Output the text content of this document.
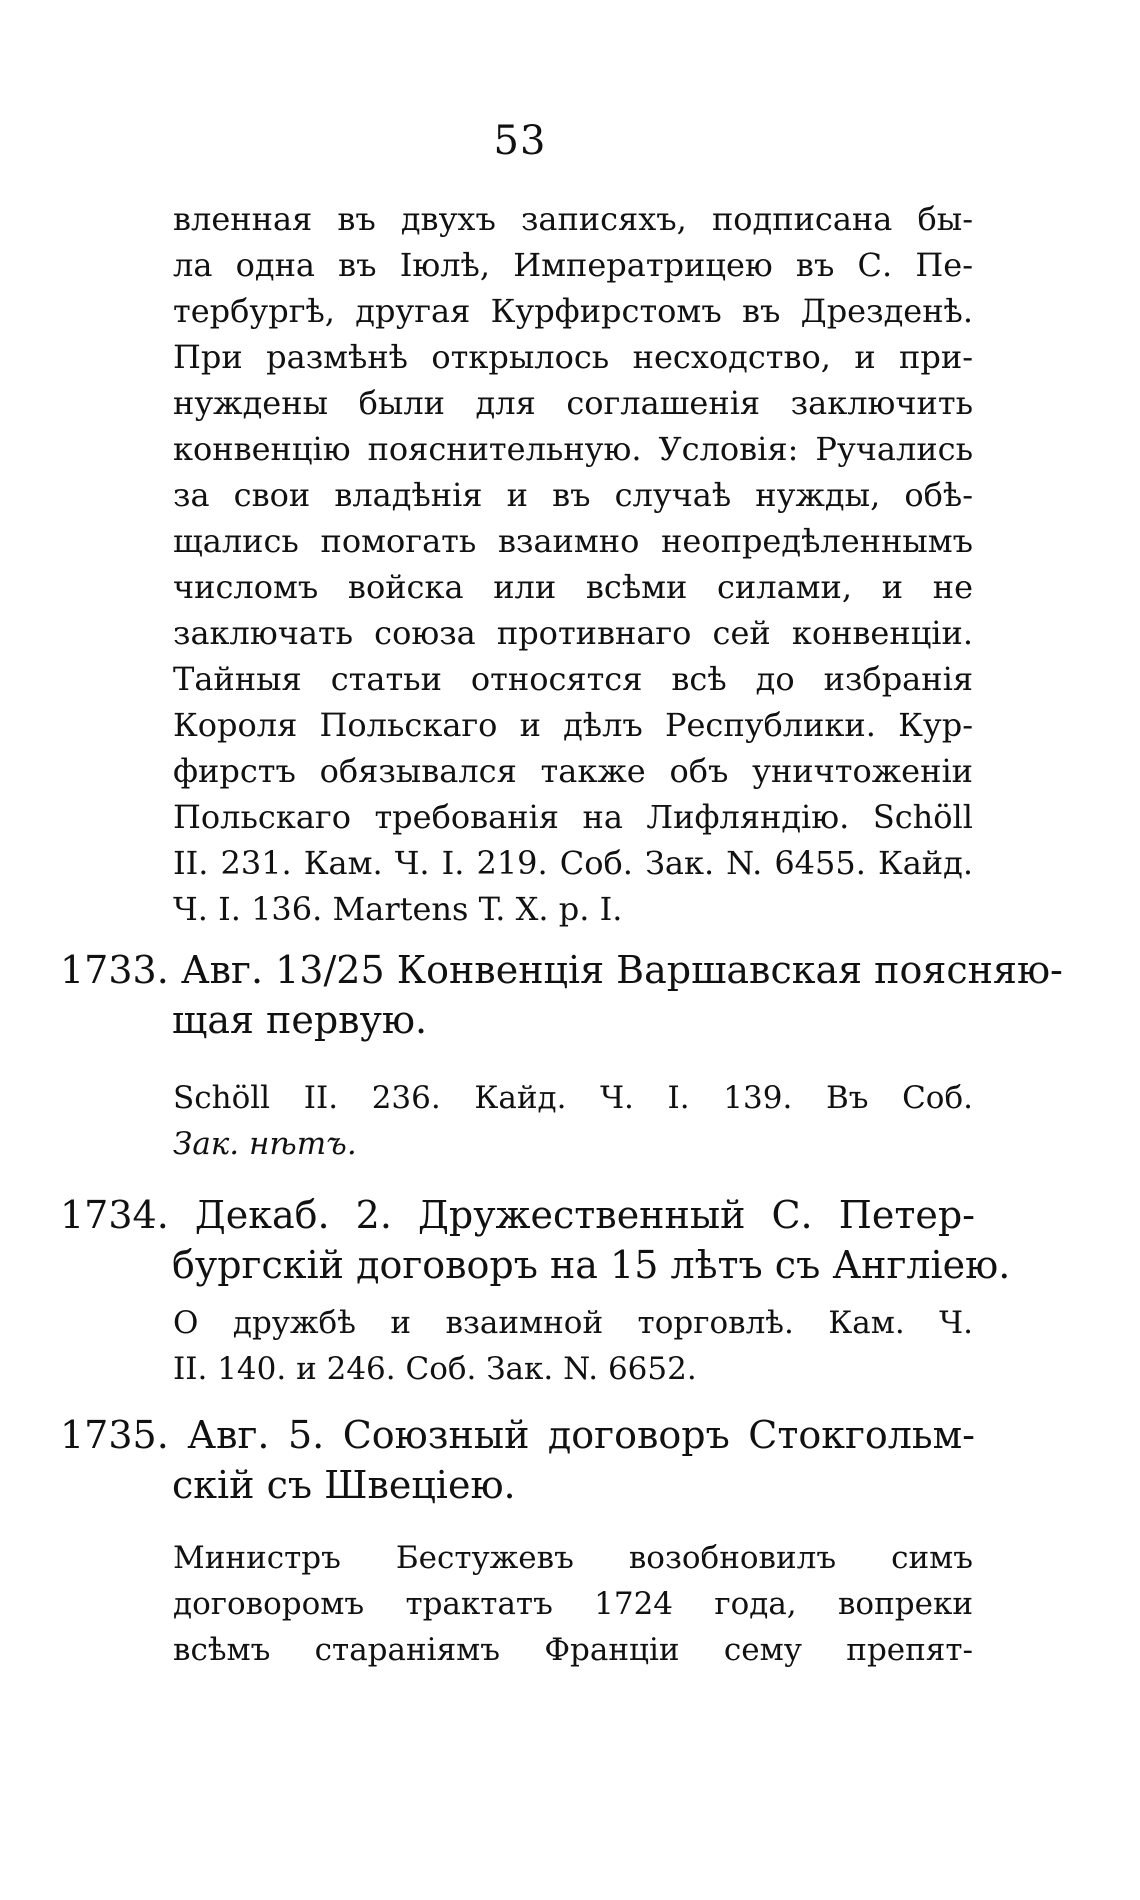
53
вленная въ двухъ записяхъ, подписана бы-
ла одна въ Іюлѣ, Императрицею въ С. Пе-
тербургѣ, другая Курфирстомъ въ Дрезденѣ.
При размѣнѣ открылось несходство, и при-
нуждены были для соглашенія заключить
конвенцію пояснительную. Условія: Ручались
за свои владѣнія и въ случаѣ нужды, обѣ-
щались помогать взаимно неопредѣленнымъ
числомъ войска или всѣми силами, и не
заключать союза противнаго сей конвенціи.
Тайныя статьи относятся всѣ до избранія
Короля Польскаго и дѣлъ Республики. Кур-
фирстъ обязывался также объ уничтоженіи
Польскаго требованія на Лифляндію. Schöll
II. 231. Кам. Ч. I. 219. Соб. Зак. N. 6455. Кайд.
Ч. I. 136. Martens T. X. p. I.
1733. Авг. 13/25 Конвенція Варшавская поясняю-
щая первую.
Schöll II. 236. Кайд. Ч. I. 139. Въ Соб.
Зак. нѣтъ.
1734. Декаб. 2. Дружественный С. Петер-
бургскій договоръ на 15 лѣтъ съ Англіею.
О дружбѣ и взаимной торговлѣ. Кам. Ч.
II. 140. и 246. Соб. Зак. N. 6652.
1735. Авг. 5. Союзный договоръ Стокгольм-
скій съ Швеціею.
Министръ Бестужевъ возобновилъ симъ
договоромъ трактатъ 1724 года, вопреки
всѣмъ стараніямъ Франціи сему препят-
